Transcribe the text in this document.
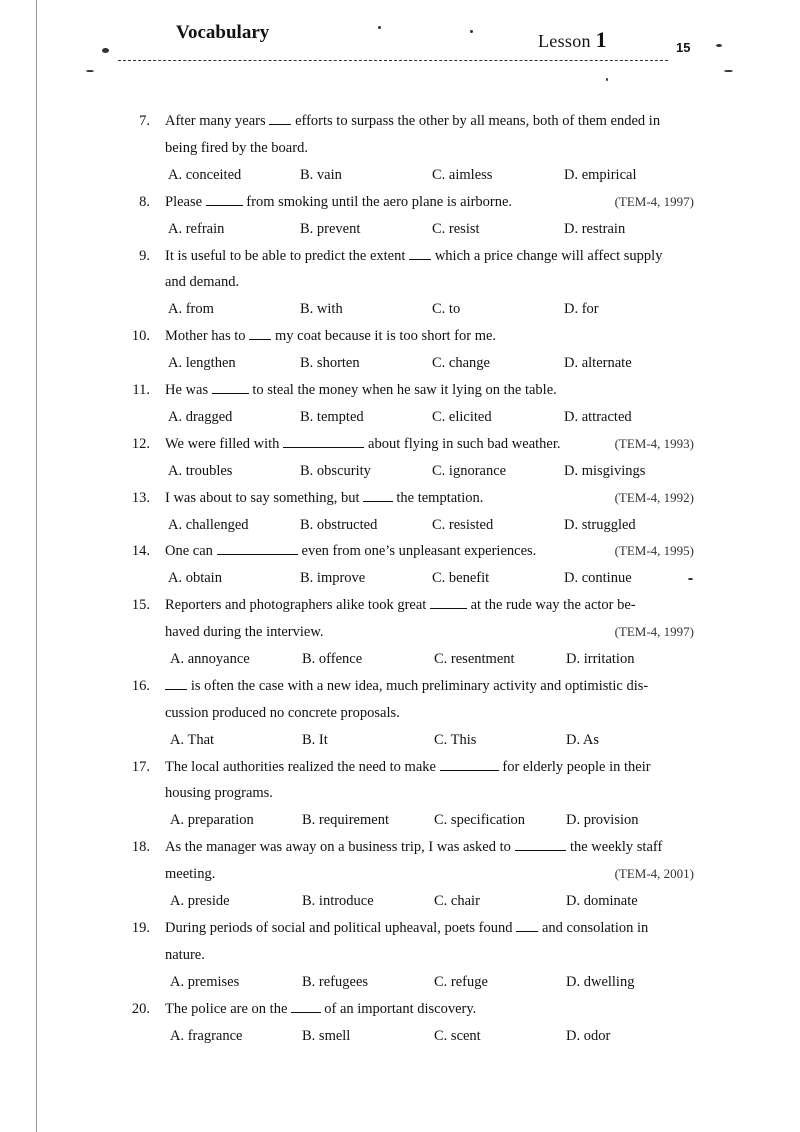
Vocabulary	Lesson 1	15
7. After many years  efforts to surpass the other by all means, both of them ended in
being fired by the board.
A. conceited	B. vain	C. aimless	D. empirical
8. Please	from smoking until the aero plane is airborne.	(TEM-4, 1997)
A. refrain	B. prevent	C. resist	D. restrain
9. It is useful to be able to predict the extent  which a price change will affect supply
and demand.
A. from	B. with	C. to	D. for
10. Mother has to  my coat because it is too short for me.
A. lengthen	B. shorten	C. change	D. alternate
11. He was	to steal the money when he saw it lying on the table.
A. dragged	B. tempted	C. elicited	D. attracted
12. We were filled with	about flying in such bad weather.	(TEM-4, 1993)
A. troubles	B. obscurity	C. ignorance	D. misgivings
13. I was about to say something, but  the temptation.	(TEM-4, 1992)
A. challenged	B. obstructed	C. resisted	D. struggled
14. One can	even from one’s unpleasant experiences.	(TEM-4, 1995)
A. obtain	B. improve	C. benefit	D. continue
15. Reporters and photographers alike took great	at the rude way the actor be-
haved during the interview.	(TEM-4, 1997)
A. annoyance	B. offence	C. resentment	D. irritation
16.	is often the case with a new idea, much preliminary activity and optimistic dis-
cussion produced no concrete proposals.
A. That	B. It	C. This	D. As
17. The local authorities realized the need to make	for elderly people in their
housing programs.
A. preparation	B. requirement	C. specification	D. provision
18. As the manager was away on a business trip, I was asked to	the weekly staff
meeting.	(TEM-4, 2001)
A. preside	B. introduce	C. chair	D. dominate
19. During periods of social and political upheaval, poets found  and consolation in
nature.
A. premises	B. refugees	C. refuge	D. dwelling
20. The police are on the  of an important discovery.
A. fragrance	B. smell	C. scent	D. odor
